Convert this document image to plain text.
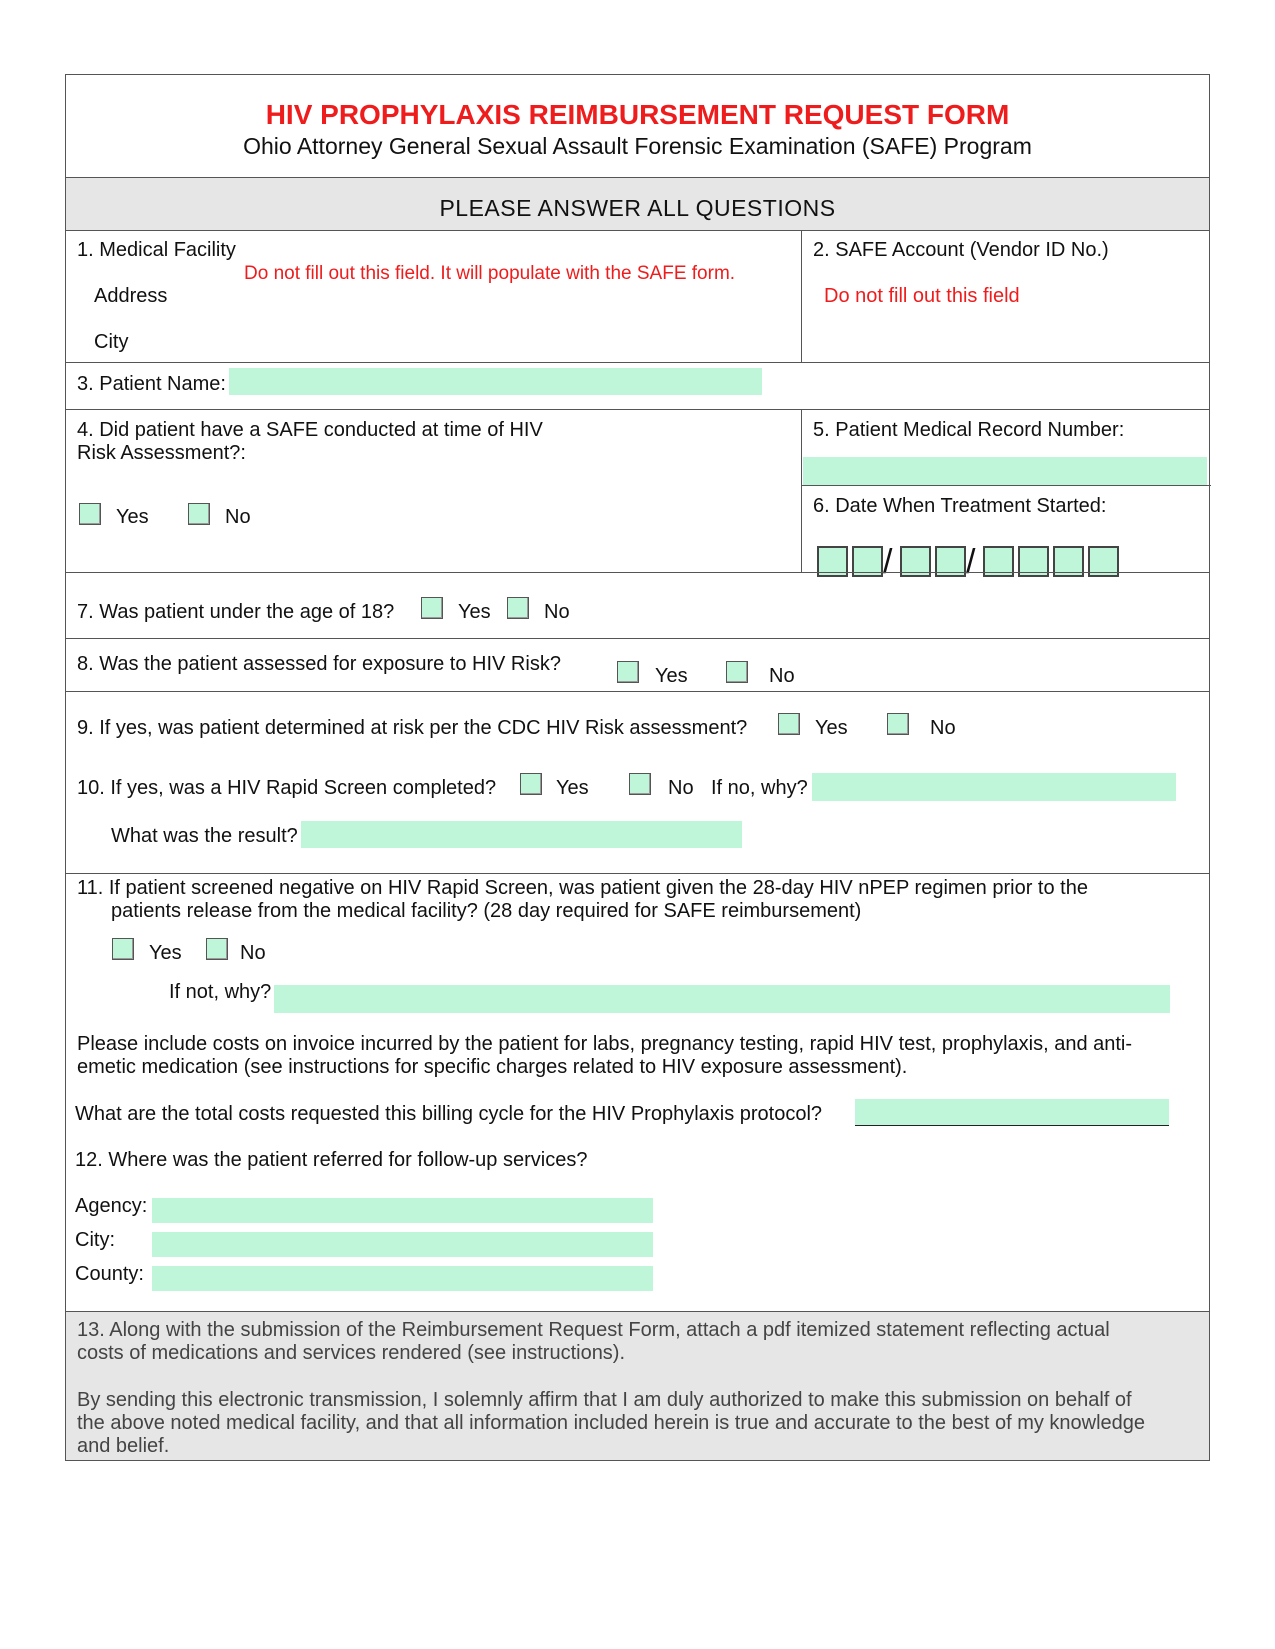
HIV PROPHYLAXIS REIMBURSEMENT REQUEST FORM
Ohio Attorney General Sexual Assault Forensic Examination (SAFE) Program
PLEASE ANSWER ALL QUESTIONS
1. Medical Facility
Do not fill out this field. It will populate with the SAFE form.
Address
City
2. SAFE Account (Vendor ID No.)
Do not fill out this field
3. Patient Name:
4. Did patient have a SAFE conducted at time of HIV
Risk Assessment?:
Yes	No
5. Patient Medical Record Number:
6. Date When Treatment Started:
/ /
7. Was patient under the age of 18?	Yes	No
8. Was the patient assessed for exposure to HIV Risk?
Yes	No
9. If yes, was patient determined at risk per the CDC HIV Risk assessment?	Yes	No
10. If yes, was a HIV Rapid Screen completed?	Yes	No If no, why?
What was the result?
11. If patient screened negative on HIV Rapid Screen, was patient given the 28-day HIV nPEP regimen prior to the
patients release from the medical facility? (28 day required for SAFE reimbursement)
Yes	No
If not, why?
Please include costs on invoice incurred by the patient for labs, pregnancy testing, rapid HIV test, prophylaxis, and anti-
emetic medication (see instructions for specific charges related to HIV exposure assessment).
What are the total costs requested this billing cycle for the HIV Prophylaxis protocol?
12. Where was the patient referred for follow-up services?
Agency:
City:
County:
13. Along with the submission of the Reimbursement Request Form, attach a pdf itemized statement reflecting actual
costs of medications and services rendered (see instructions).
By sending this electronic transmission, I solemnly affirm that I am duly authorized to make this submission on behalf of
the above noted medical facility, and that all information included herein is true and accurate to the best of my knowledge
and belief.
